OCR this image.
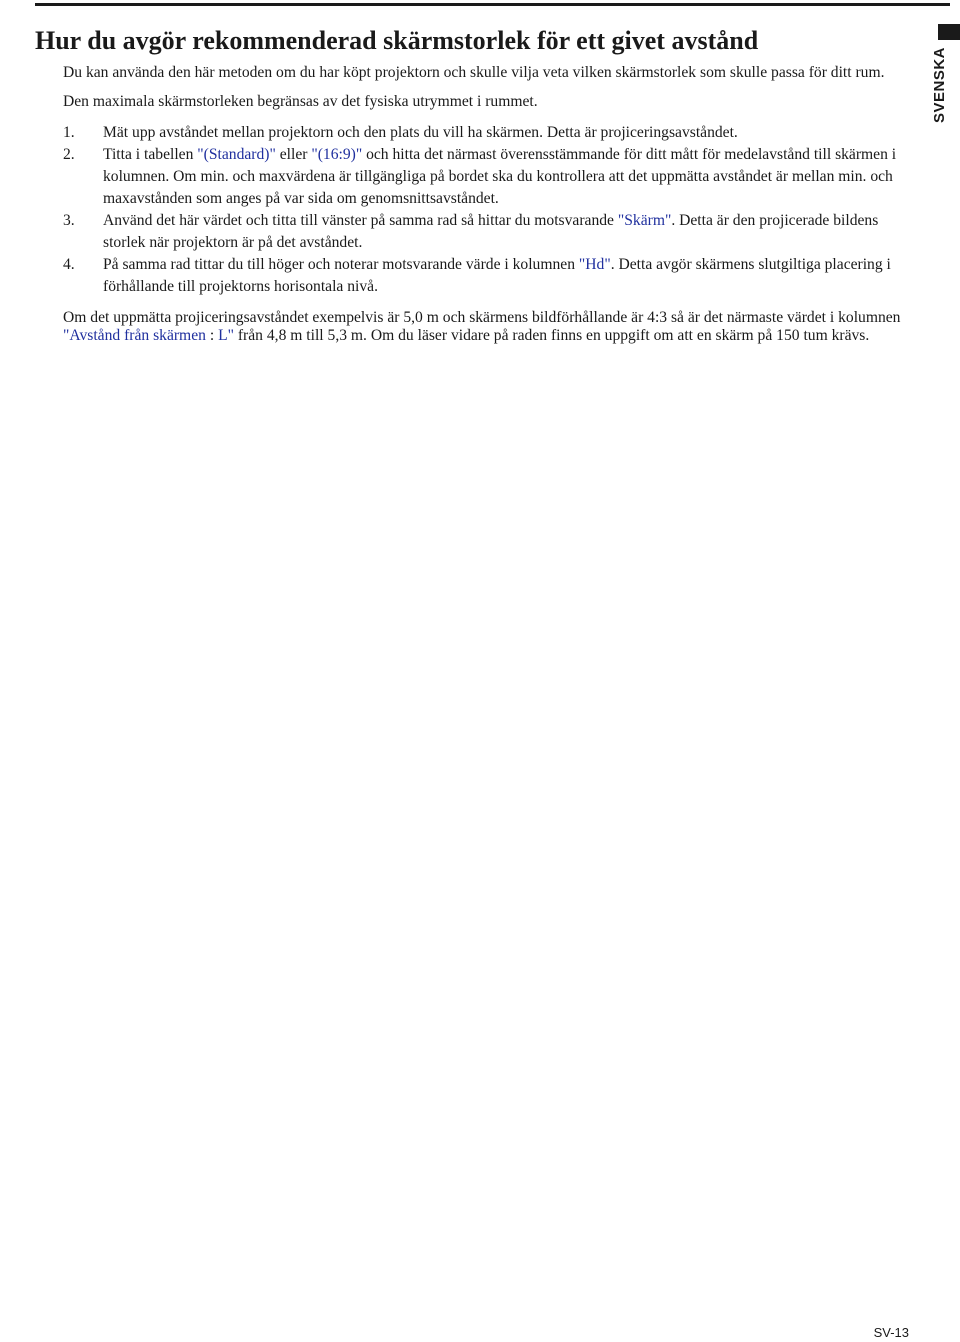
SVENSKA
Hur du avgör rekommenderad skärmstorlek för ett givet avstånd

Du kan använda den här metoden om du har köpt projektorn och skulle vilja veta vilken skärmstorlek som skulle passa för ditt rum.

Den maximala skärmstorleken begränsas av det fysiska utrymmet i rummet.

1. Mät upp avståndet mellan projektorn och den plats du vill ha skärmen. Detta är projiceringsavståndet.
2. Titta i tabellen "(Standard)" eller "(16:9)" och hitta det närmast överensstämmande för ditt mått för medelavstånd till skärmen i kolumnen. Om min. och maxvärdena är tillgängliga på bordet ska du kontrollera att det uppmätta avståndet är mellan min. och maxavstånden som anges på var sida om genomsnittsavståndet.
3. Använd det här värdet och titta till vänster på samma rad så hittar du motsvarande "Skärm". Detta är den projicerade bildens storlek när projektorn är på det avståndet.
4. På samma rad tittar du till höger och noterar motsvarande värde i kolumnen "Hd". Detta avgör skärmens slutgiltiga placering i förhållande till projektorns horisontala nivå.

Om det uppmätta projiceringsavståndet exempelvis är 5,0 m och skärmens bildförhållande är 4:3 så är det närmaste värdet i kolumnen "Avstånd från skärmen : L" från 4,8 m till 5,3 m. Om du läser vidare på raden finns en uppgift om att en skärm på 150 tum krävs.

SV-13
